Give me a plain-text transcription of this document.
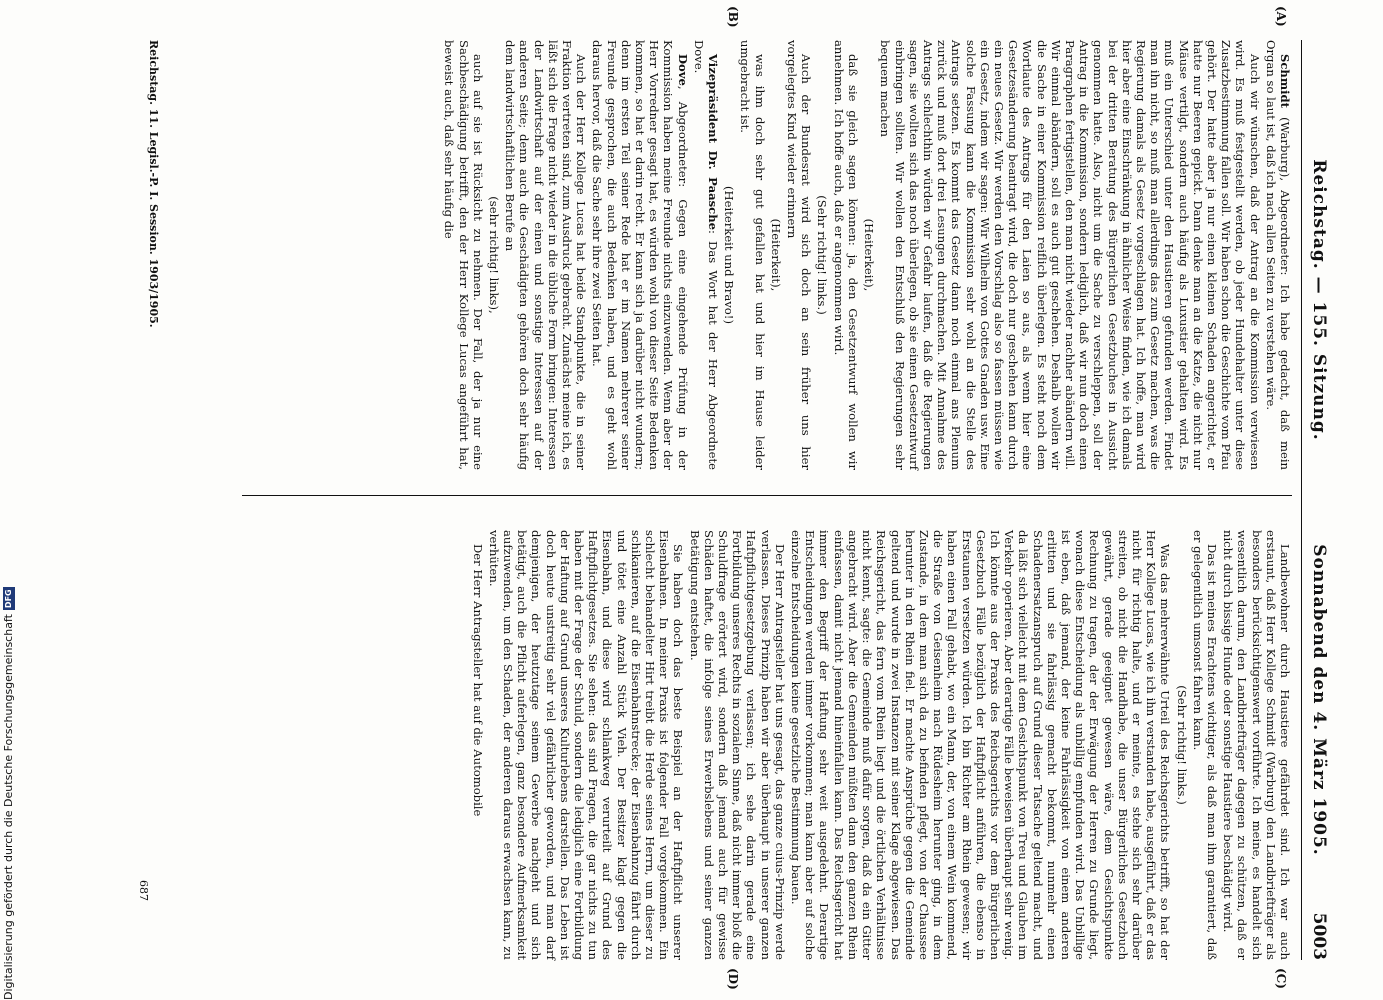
Reichstag. — 155. Sitzung.
Sonnabend den 4. März 1905.
5003
(A)
(B)
(C)
(D)

Schmidt (Warburg), Abgeordneter: Ich habe gedacht, daß mein Organ so laut ist, daß ich nach allen Seiten zu verstehen wäre.

Auch wir wünschen, daß der Antrag an die Kommission verwiesen wird. Es muß festgestellt werden, ob jeder Hundehalter unter diese Zusatzbestimmung fallen soll. Wir haben schon die Geschichte vom Pfau gehört. Der hatte aber ja nur einen kleinen Schaden angerichtet, er hatte nur Beeren gepickt. Dann denke man an die Katze, die nicht nur Mäuse vertilgt, sondern auch häufig als Luxustier gehalten wird. Es muß ein Unterschied unter den Haustieren gefunden werden. Findet man ihn nicht, so muß man allerdings das zum Gesetz machen, was die Regierung damals als Gesetz vorgeschlagen hat. Ich hoffe, man wird hier aber eine Einschränkung in ähnlicher Weise finden, wie ich damals bei der dritten Beratung des Bürgerlichen Gesetzbuches in Aussicht genommen hatte. Also, nicht um die Sache zu verschleppen, soll der Antrag in die Kommission, sondern lediglich, daß wir nun doch einen Paragraphen fertigstellen, den man nicht wieder nachher abändern will. Wir einmal abändern, soll es auch gut geschehen. Deshalb wollen wir die Sache in einer Kommission reiflich überlegen. Es steht noch dem Wortlaute des Antrags für den Laien so aus, als wenn hier eine Gesetzesänderung beantragt wird, die doch nur geschehen kann durch ein neues Gesetz. Wir werden den Vorschlag also so fassen müssen wie ein Gesetz, indem wir sagen: Wir Wilhelm von Gottes Gnaden usw. Eine solche Fassung kann die Kommission sehr wohl an die Stelle des Antrags setzen. Es kommt das Gesetz dann noch einmal ans Plenum zurück und muß dort drei Lesungen durchmachen. Mit Annahme des Antrags schlechthin würden wir Gefahr laufen, daß die Regierungen sagen, sie wollten sich das noch überlegen, ob sie einen Gesetzentwurf einbringen sollten. Wir wollen den Entschluß den Regierungen sehr bequem machen

(Heiterkeit),

daß sie gleich sagen können: ja, den Gesetzentwurf wollen wir annehmen. Ich hoffe auch, daß er angenommen wird.

(Sehr richtig! links.)

Auch der Bundesrat wird sich doch an sein früher uns hier vorgelegtes Kind wieder erinnern

(Heiterkeit),

was ihm doch sehr gut gefallen hat und hier im Hause leider umgebracht ist.

(Heiterkeit und Bravo!)

Vizepräsident Dr. Paasche: Das Wort hat der Herr Abgeordnete Dove.

Dove, Abgeordneter: Gegen eine eingehende Prüfung in der Kommission haben meine Freunde nichts einzuwenden. Wenn aber der Herr Vorredner gesagt hat, es würden wohl von dieser Seite Bedenken kommen, so hat er darin recht. Er kann sich ja darüber nicht wundern; denn im ersten Teil seiner Rede hat er im Namen mehrerer seiner Freunde gesprochen, die auch Bedenken haben, und es geht wohl daraus hervor, daß die Sache sehr ihre zwei Seiten hat.

Auch der Herr Kollege Lucas hat beide Standpunkte, die in seiner Fraktion vertreten sind, zum Ausdruck gebracht. Zunächst meine ich, es läßt sich die Frage nicht wieder in die übliche Form bringen: Interessen der Landwirtschaft auf der einen und sonstige Interessen auf der anderen Seite; denn auch die Geschädigten gehören doch sehr häufig dem landwirtschaftlichen Berufe an

(sehr richtig! links),

auch auf sie ist Rücksicht zu nehmen. Der Fall, der ja nur eine Sachbeschädigung betrifft, den der Herr Kollege Lucas angeführt hat, beweist auch, daß sehr häufig die

Landbewohner durch Haustiere gefährdet sind. Ich war auch erstaunt, daß Herr Kollege Schmidt (Warburg) den Landbriefträger als besonders berücksichtigenswert vorführte. Ich meine, es handelt sich wesentlich darum, den Landbriefträger dagegen zu schützen, daß er nicht durch bissige Hunde oder sonstige Haustiere beschädigt wird.

Das ist meines Erachtens wichtiger, als daß man ihm garantiert, daß er gelegentlich umsonst fahren kann.

(Sehr richtig! links.)

Was das mehrerwähnte Urteil des Reichsgerichts betrifft, so hat der Herr Kollege Lucas, wie ich ihn verstanden habe, ausgeführt, daß er das nicht für richtig halte, und er meinte, es stehe sich sehr darüber streiten, ob nicht die Handhabe, die unser Bürgerliches Gesetzbuch gewährt, gerade geeignet gewesen wäre, dem Gesichtspunkte Rechnung zu tragen, der der Erwägung der Herren zu Grunde liegt, wonach diese Entscheidung als unbillig empfunden wird. Das Unbillige ist eben, daß jemand, der keine Fahrlässigkeit von einem anderen erlitten und sie fahrlässig gemacht bekommt, nunmehr einen Schadenersatzanspruch auf Grund dieser Tatsache geltend macht, und da läßt sich vielleicht mit dem Gesichtspunkt von Treu und Glauben im Verkehr operieren. Aber derartige Fälle beweisen überhaupt sehr wenig. Ich könnte aus der Praxis des Reichsgerichts vor dem Bürgerlichen Gesetzbuch Fälle bezüglich der Haftpflicht anführen, die ebenso in Erstaunen versetzen würden. Ich bin Richter am Rhein gewesen; wir haben einen Fall gehabt, wo ein Mann, der, von einem Wein kommend, die Straße von Geisenheim nach Rüdesheim herunter ging, in dem Zustande, in dem man sich da zu befinden pflegt, von der Chaussee herunter in den Rhein fiel. Er machte Ansprüche gegen die Gemeinde geltend und wurde in zwei Instanzen mit seiner Klage abgewiesen. Das Reichsgericht, das fern vom Rhein liegt und die örtlichen Verhältnisse nicht kennt, sagte: die Gemeinde muß dafür sorgen, daß da ein Gitter angebracht wird. Aber die Gemeinden müßten dann den ganzen Rhein einfassen, damit nicht jemand hineinfallen kann. Das Reichsgericht hat immer den Begriff der Haftung sehr weit ausgedehnt. Derartige Entscheidungen werden immer vorkommen; man kann aber auf solche einzelne Entscheidungen keine gesetzliche Bestimmung bauen.

Der Herr Antragsteller hat uns gesagt, das ganze cuius-Prinzip werde verlassen. Dieses Prinzip haben wir aber überhaupt in unserer ganzen Haftpflichtgesetzgebung verlassen; ich sehe darin gerade eine Fortbildung unseres Rechts in sozialem Sinne, daß nicht immer bloß die Schuldfrage erörtert wird, sondern daß jemand auch für gewisse Schäden haftet, die infolge seines Erwerbslebens und seiner ganzen Betätigung entstehen.

Sie haben doch das beste Beispiel an der Haftpflicht unserer Eisenbahnen. In meiner Praxis ist folgender Fall vorgekommen. Ein schlecht behandelter Hirt treibt die Herde seines Herrn, um dieser zu schikanieren, auf die Eisenbahnstrecke; der Eisenbahnzug fährt durch und tötet eine Anzahl Stück Vieh. Der Besitzer klagt gegen die Eisenbahn, und diese wird schlankweg verurteilt auf Grund des Haftpflichtgesetzes. Sie sehen: das sind Fragen, die gar nichts zu tun haben mit der Frage der Schuld, sondern die lediglich eine Fortbildung der Haftung auf Grund unseres Kulturlebens darstellen. Das Leben ist doch heute unstreitig sehr viel gefährlicher geworden, und man darf demjenigen, der heutzutage seinem Gewerbe nachgeht und sich betätigt, auch die Pflicht auferlegen, ganz besondere Aufmerksamkeit aufzuwenden, um den Schaden, der anderen daraus erwachsen kann, zu verhüten.

Der Herr Antragsteller hat auf die Automobile

Reichstag. 11. Legisl.-P. I. Session. 1903/1905.
687
Digitalisierung gefördert durch die Deutsche Forschungsgemeinschaft
DFG
